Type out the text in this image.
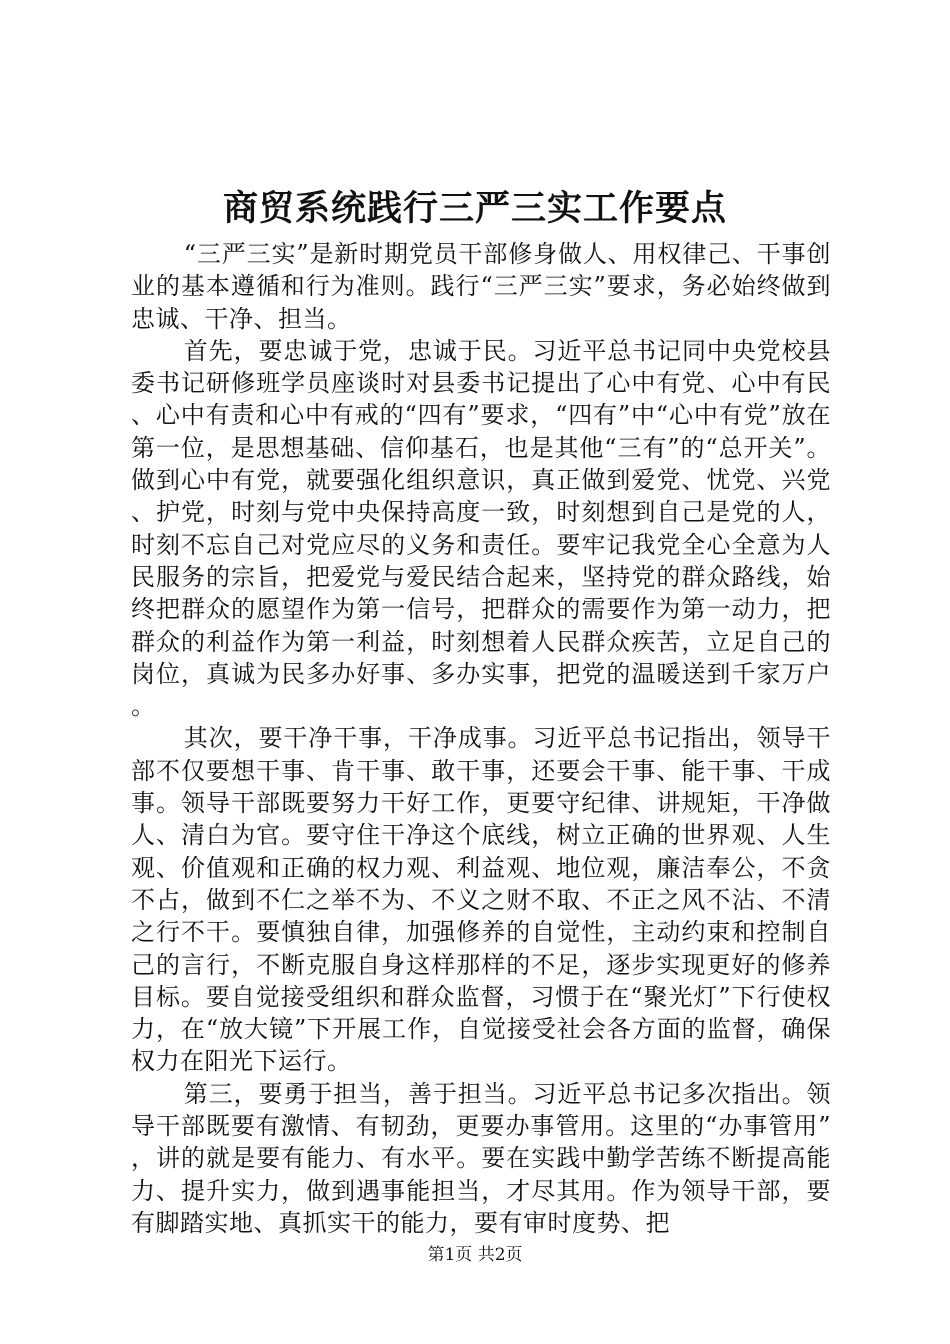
商贸系统践行三严三实工作要点

“三严三实”是新时期党员干部修身做人、用权律己、干事创业的基本遵循和行为准则。践行“三严三实”要求，务必始终做到忠诚、干净、担当。

首先，要忠诚于党，忠诚于民。习近平总书记同中央党校县委书记研修班学员座谈时对县委书记提出了心中有党、心中有民、心中有责和心中有戒的“四有”要求，“四有”中“心中有党”放在第一位，是思想基础、信仰基石，也是其他“三有”的“总开关”。做到心中有党，就要强化组织意识，真正做到爱党、忧党、兴党、护党，时刻与党中央保持高度一致，时刻想到自己是党的人，时刻不忘自己对党应尽的义务和责任。要牢记我党全心全意为人民服务的宗旨，把爱党与爱民结合起来，坚持党的群众路线，始终把群众的愿望作为第一信号，把群众的需要作为第一动力，把群众的利益作为第一利益，时刻想着人民群众疾苦，立足自己的岗位，真诚为民多办好事、多办实事，把党的温暖送到千家万户。

其次，要干净干事，干净成事。习近平总书记指出，领导干部不仅要想干事、肯干事、敢干事，还要会干事、能干事、干成事。领导干部既要努力干好工作，更要守纪律、讲规矩，干净做人、清白为官。要守住干净这个底线，树立正确的世界观、人生观、价值观和正确的权力观、利益观、地位观，廉洁奉公，不贪不占，做到不仁之举不为、不义之财不取、不正之风不沾、不清之行不干。要慎独自律，加强修养的自觉性，主动约束和控制自己的言行，不断克服自身这样那样的不足，逐步实现更好的修养目标。要自觉接受组织和群众监督，习惯于在“聚光灯”下行使权力，在“放大镜”下开展工作，自觉接受社会各方面的监督，确保权力在阳光下运行。

第三，要勇于担当，善于担当。习近平总书记多次指出。领导干部既要有激情、有韧劲，更要办事管用。这里的“办事管用”，讲的就是要有能力、有水平。要在实践中勤学苦练不断提高能力、提升实力，做到遇事能担当，才尽其用。作为领导干部，要有脚踏实地、真抓实干的能力，要有审时度势、把

第1页 共2页
